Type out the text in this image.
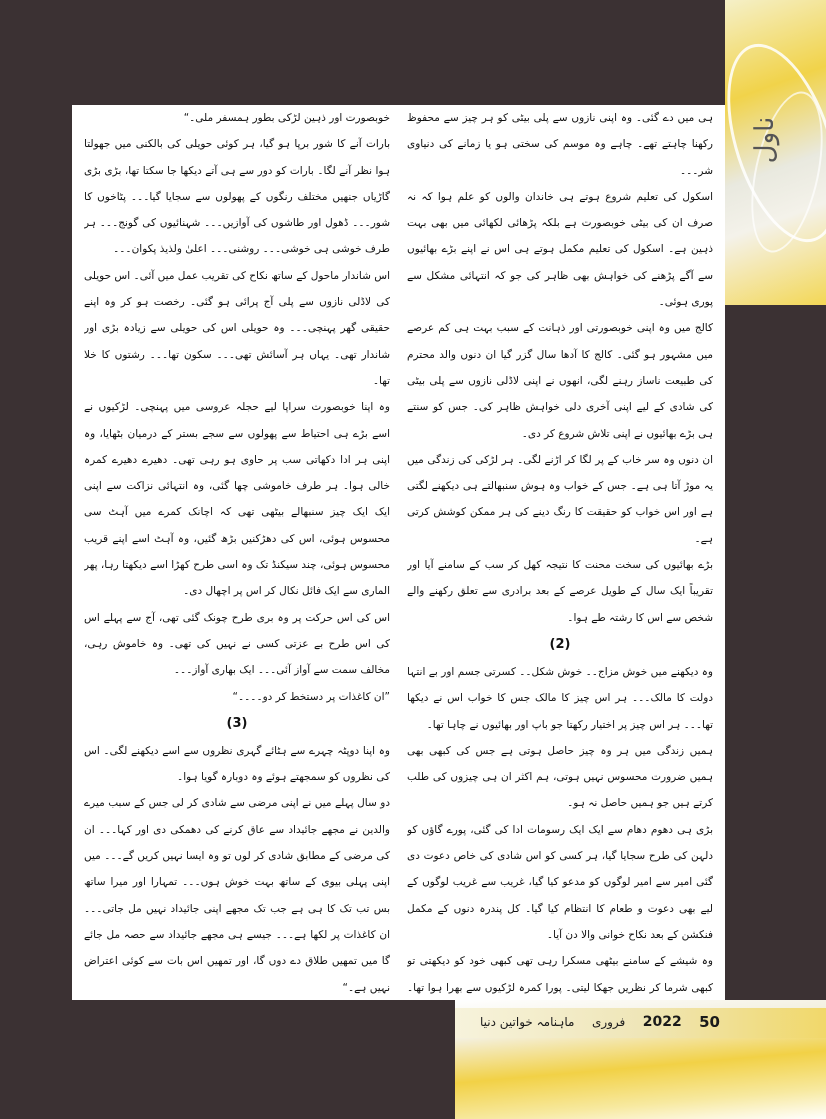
ناول

ہی میں دے گئی۔ وہ اپنی نازوں سے پلی بیٹی کو ہر چیز سے محفوظ رکھنا چاہتے تھے۔ چاہے وہ موسم کی سختی ہو یا زمانے کی دنیاوی شر۔۔۔

اسکول کی تعلیم شروع ہوتے ہی خاندان والوں کو علم ہوا کہ نہ صرف ان کی بیٹی خوبصورت ہے بلکہ پڑھائی لکھائی میں بھی بہت ذہین ہے۔ اسکول کی تعلیم مکمل ہوتے ہی اس نے اپنے بڑے بھائیوں سے آگے پڑھنے کی خواہش بھی ظاہر کی جو کہ انتہائی مشکل سے پوری ہوئی۔

کالج میں وہ اپنی خوبصورتی اور ذہانت کے سبب بہت ہی کم عرصے میں مشہور ہو گئی۔ کالج کا آدھا سال گزر گیا ان دنوں والد محترم کی طبیعت ناساز رہنے لگی، انھوں نے اپنی لاڈلی نازوں سے پلی بیٹی کی شادی کے لیے اپنی آخری دلی خواہش ظاہر کی۔ جس کو سنتے ہی بڑے بھائیوں نے اپنی تلاش شروع کر دی۔

ان دنوں وہ سر خاب کے پر لگا کر اڑنے لگی۔ ہر لڑکی کی زندگی میں یہ موڑ آتا ہی ہے۔ جس کے خواب وہ ہوش سنبھالتے ہی دیکھنے لگتی ہے اور اس خواب کو حقیقت کا رنگ دینے کی ہر ممکن کوشش کرتی ہے۔

بڑے بھائیوں کی سخت محنت کا نتیجہ کھل کر سب کے سامنے آیا اور تقریباً ایک سال کے طویل عرصے کے بعد برادری سے تعلق رکھنے والے شخص سے اس کا رشتہ طے ہوا۔

(2)

وہ دیکھنے میں خوش مزاج۔۔ خوش شکل۔۔ کسرتی جسم اور بے انتہا دولت کا مالک۔۔۔ ہر اس چیز کا مالک جس کا خواب اس نے دیکھا تھا۔۔۔ ہر اس چیز پر اختیار رکھتا جو باپ اور بھائیوں نے چاہا تھا۔

ہمیں زندگی میں ہر وہ چیز حاصل ہوتی ہے جس کی کبھی بھی ہمیں ضرورت محسوس نہیں ہوتی، ہم اکثر ان ہی چیزوں کی طلب کرتے ہیں جو ہمیں حاصل نہ ہو۔

بڑی ہی دھوم دھام سے ایک ایک رسومات ادا کی گئی، پورے گاؤں کو دلہن کی طرح سجایا گیا، ہر کسی کو اس شادی کی خاص دعوت دی گئی امیر سے امیر لوگوں کو مدعو کیا گیا، غریب سے غریب لوگوں کے لیے بھی دعوت و طعام کا انتظام کیا گیا۔ کل پندرہ دنوں کے مکمل فنکشن کے بعد نکاح خوانی والا دن آیا۔

وہ شیشے کے سامنے بیٹھی مسکرا رہی تھی کبھی خود کو دیکھتی تو کبھی شرما کر نظریں جھکا لیتی۔ پورا کمرہ لڑکیوں سے بھرا ہوا تھا۔

خوبصورت اور ذہین لڑکی بطور ہمسفر ملی۔“

بارات آنے کا شور برپا ہو گیا، ہر کوئی حویلی کی بالکنی میں جھولتا ہوا نظر آنے لگا۔ بارات کو دور سے ہی آتے دیکھا جا سکتا تھا، بڑی بڑی گاڑیاں جنھیں مختلف رنگوں کے پھولوں سے سجایا گیا۔۔۔ پٹاخوں کا شور۔۔۔ ڈھول اور طاشوں کی آوازیں۔۔۔ شہنائیوں کی گونج۔۔۔ ہر طرف خوشی ہی خوشی۔۔۔ روشنی۔۔۔ اعلیٰ ولذیذ پکوان۔۔۔

اس شاندار ماحول کے ساتھ نکاح کی تقریب عمل میں آئی۔ اس حویلی کی لاڈلی نازوں سے پلی آج پرائی ہو گئی۔ رخصت ہو کر وہ اپنے حقیقی گھر پہنچی۔۔۔ وہ حویلی اس کی حویلی سے زیادہ بڑی اور شاندار تھی۔ یہاں ہر آسائش تھی۔۔۔ سکون تھا۔۔۔ رشتوں کا خلا تھا۔

وہ اپنا خوبصورت سراپا لیے حجلہ عروسی میں پہنچی۔ لڑکیوں نے اسے بڑے ہی احتیاط سے پھولوں سے سجے بستر کے درمیان بٹھایا، وہ اپنی ہر ادا دکھاتی سب پر حاوی ہو رہی تھی۔ دھیرے دھیرے کمرہ خالی ہوا۔ ہر طرف خاموشی چھا گئی، وہ انتہائی نزاکت سے اپنی ایک ایک چیز سنبھالے بیٹھی تھی کہ اچانک کمرے میں آہٹ سی محسوس ہوئی، اس کی دھڑکنیں بڑھ گئیں، وہ آہٹ اسے اپنے قریب محسوس ہوئی، چند سیکنڈ تک وہ اسی طرح کھڑا اسے دیکھتا رہا، پھر الماری سے ایک فائل نکال کر اس پر اچھال دی۔

اس کی اس حرکت پر وہ بری طرح چونک گئی تھی، آج سے پہلے اس کی اس طرح بے عزتی کسی نے نہیں کی تھی۔ وہ خاموش رہی، مخالف سمت سے آواز آئی۔۔۔ ایک بھاری آواز۔۔۔

”ان کاغذات پر دستخط کر دو۔۔۔۔“

(3)

وہ اپنا دوپٹہ چہرے سے ہٹائے گہری نظروں سے اسے دیکھنے لگی۔ اس کی نظروں کو سمجھتے ہوئے وہ دوبارہ گویا ہوا۔

دو سال پہلے میں نے اپنی مرضی سے شادی کر لی جس کے سبب میرے والدین نے مجھے جائیداد سے عاق کرنے کی دھمکی دی اور کہا۔۔۔ ان کی مرضی کے مطابق شادی کر لوں تو وہ ایسا نہیں کریں گے۔۔۔ میں اپنی پہلی بیوی کے ساتھ بہت خوش ہوں۔۔۔ تمہارا اور میرا ساتھ بس تب تک کا ہی ہے جب تک مجھے اپنی جائیداد نہیں مل جاتی۔۔۔ ان کاغذات پر لکھا ہے۔۔۔ جیسے ہی مجھے جائیداد سے حصہ مل جائے گا میں تمھیں طلاق دے دوں گا، اور تمھیں اس بات سے کوئی اعتراض نہیں ہے۔“

ماہنامہ خواتین دنیا فروری 2022 50
